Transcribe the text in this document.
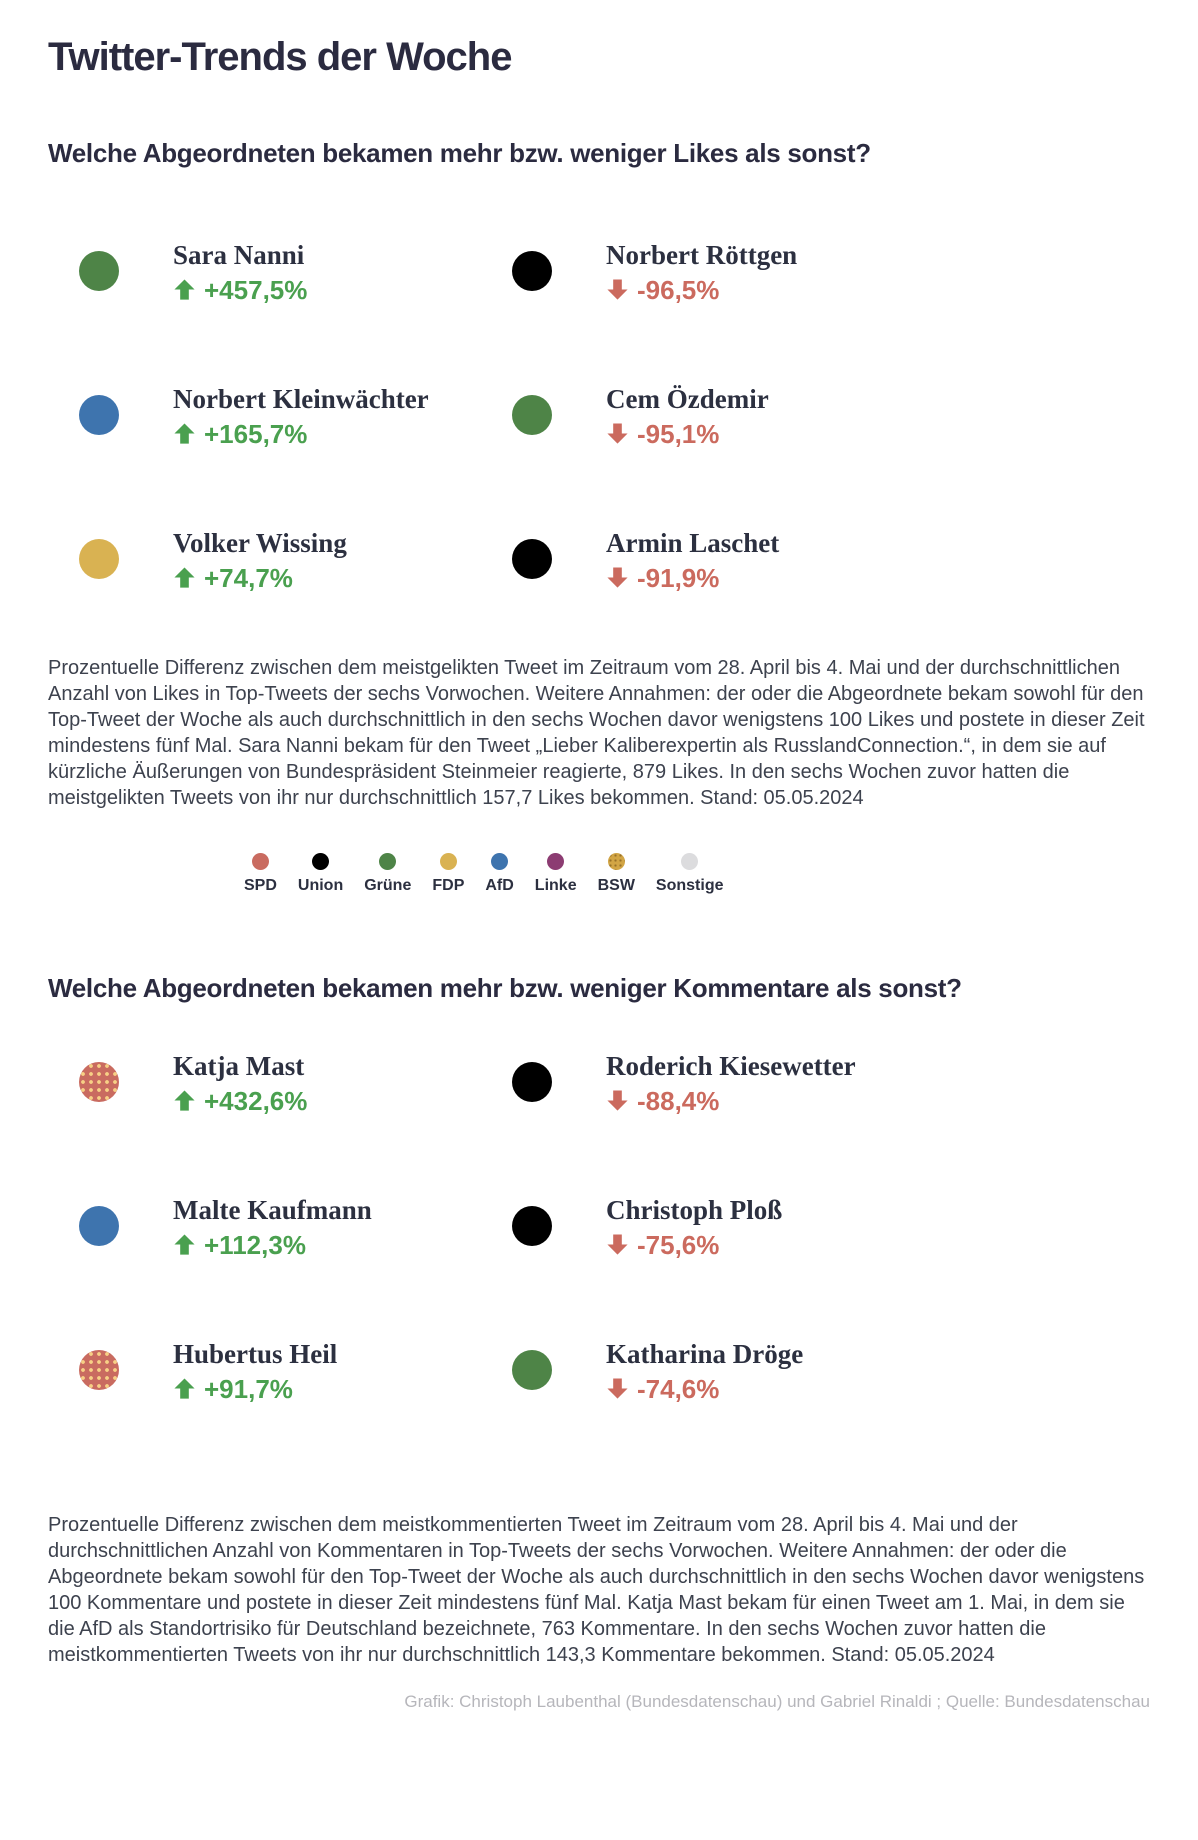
Twitter-Trends der Woche
Welche Abgeordneten bekamen mehr bzw. weniger Likes als sonst?
Sara Nanni
+457,5%
Norbert Röttgen
-96,5%
Norbert Kleinwächter
+165,7%
Cem Özdemir
-95,1%
Volker Wissing
+74,7%
Armin Laschet
-91,9%

Prozentuelle Differenz zwischen dem meistgelikten Tweet im Zeitraum vom 28. April bis 4. Mai und der durchschnittlichen Anzahl von Likes in Top-Tweets der sechs Vorwochen. Weitere Annahmen: der oder die Abgeordnete bekam sowohl für den Top-Tweet der Woche als auch durchschnittlich in den sechs Wochen davor wenigstens 100 Likes und postete in dieser Zeit mindestens fünf Mal. Sara Nanni bekam für den Tweet „Lieber Kaliberexpertin als RusslandConnection.“, in dem sie auf kürzliche Äußerungen von Bundespräsident Steinmeier reagierte, 879 Likes. In den sechs Wochen zuvor hatten die meistgelikten Tweets von ihr nur durchschnittlich 157,7 Likes bekommen. Stand: 05.05.2024

SPD Union Grüne FDP AfD Linke BSW Sonstige
Welche Abgeordneten bekamen mehr bzw. weniger Kommentare als sonst?
Katja Mast
+432,6%
Roderich Kiesewetter
-88,4%
Malte Kaufmann
+112,3%
Christoph Ploß
-75,6%
Hubertus Heil
+91,7%
Katharina Dröge
-74,6%

Prozentuelle Differenz zwischen dem meistkommentierten Tweet im Zeitraum vom 28. April bis 4. Mai und der durchschnittlichen Anzahl von Kommentaren in Top-Tweets der sechs Vorwochen. Weitere Annahmen: der oder die Abgeordnete bekam sowohl für den Top-Tweet der Woche als auch durchschnittlich in den sechs Wochen davor wenigstens 100 Kommentare und postete in dieser Zeit mindestens fünf Mal. Katja Mast bekam für einen Tweet am 1. Mai, in dem sie die AfD als Standortrisiko für Deutschland bezeichnete, 763 Kommentare. In den sechs Wochen zuvor hatten die meistkommentierten Tweets von ihr nur durchschnittlich 143,3 Kommentare bekommen. Stand: 05.05.2024

Grafik: Christoph Laubenthal (Bundesdatenschau) und Gabriel Rinaldi ; Quelle: Bundesdatenschau
